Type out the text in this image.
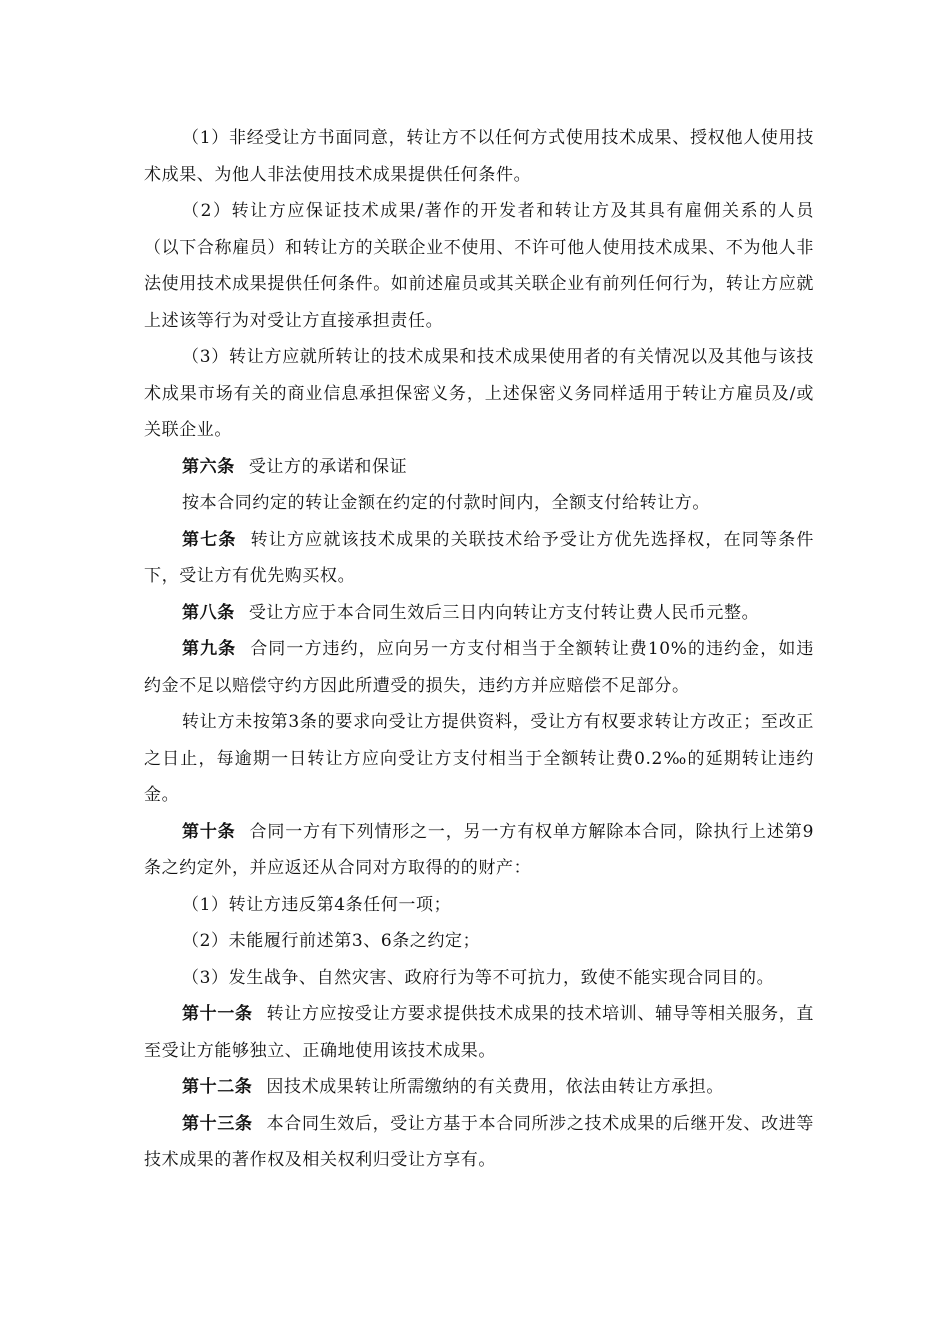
（1）非经受让方书面同意，转让方不以任何方式使用技术成果、授权他人使用技术成果、为他人非法使用技术成果提供任何条件。

（2）转让方应保证技术成果/著作的开发者和转让方及其具有雇佣关系的人员（以下合称雇员）和转让方的关联企业不使用、不许可他人使用技术成果、不为他人非法使用技术成果提供任何条件。如前述雇员或其关联企业有前列任何行为，转让方应就上述该等行为对受让方直接承担责任。

（3）转让方应就所转让的技术成果和技术成果使用者的有关情况以及其他与该技术成果市场有关的商业信息承担保密义务，上述保密义务同样适用于转让方雇员及/或关联企业。

第六条 受让方的承诺和保证

按本合同约定的转让金额在约定的付款时间内，全额支付给转让方。

第七条 转让方应就该技术成果的关联技术给予受让方优先选择权，在同等条件下，受让方有优先购买权。

第八条 受让方应于本合同生效后三日内向转让方支付转让费人民币元整。

第九条 合同一方违约，应向另一方支付相当于全额转让费10%的违约金，如违约金不足以赔偿守约方因此所遭受的损失，违约方并应赔偿不足部分。

转让方未按第3条的要求向受让方提供资料，受让方有权要求转让方改正；至改正之日止，每逾期一日转让方应向受让方支付相当于全额转让费0.2‰的延期转让违约金。

第十条 合同一方有下列情形之一，另一方有权单方解除本合同，除执行上述第9条之约定外，并应返还从合同对方取得的的财产：

（1）转让方违反第4条任何一项；

（2）未能履行前述第3、6条之约定；

（3）发生战争、自然灾害、政府行为等不可抗力，致使不能实现合同目的。

第十一条 转让方应按受让方要求提供技术成果的技术培训、辅导等相关服务，直至受让方能够独立、正确地使用该技术成果。

第十二条 因技术成果转让所需缴纳的有关费用，依法由转让方承担。

第十三条 本合同生效后，受让方基于本合同所涉之技术成果的后继开发、改进等技术成果的著作权及相关权利归受让方享有。
